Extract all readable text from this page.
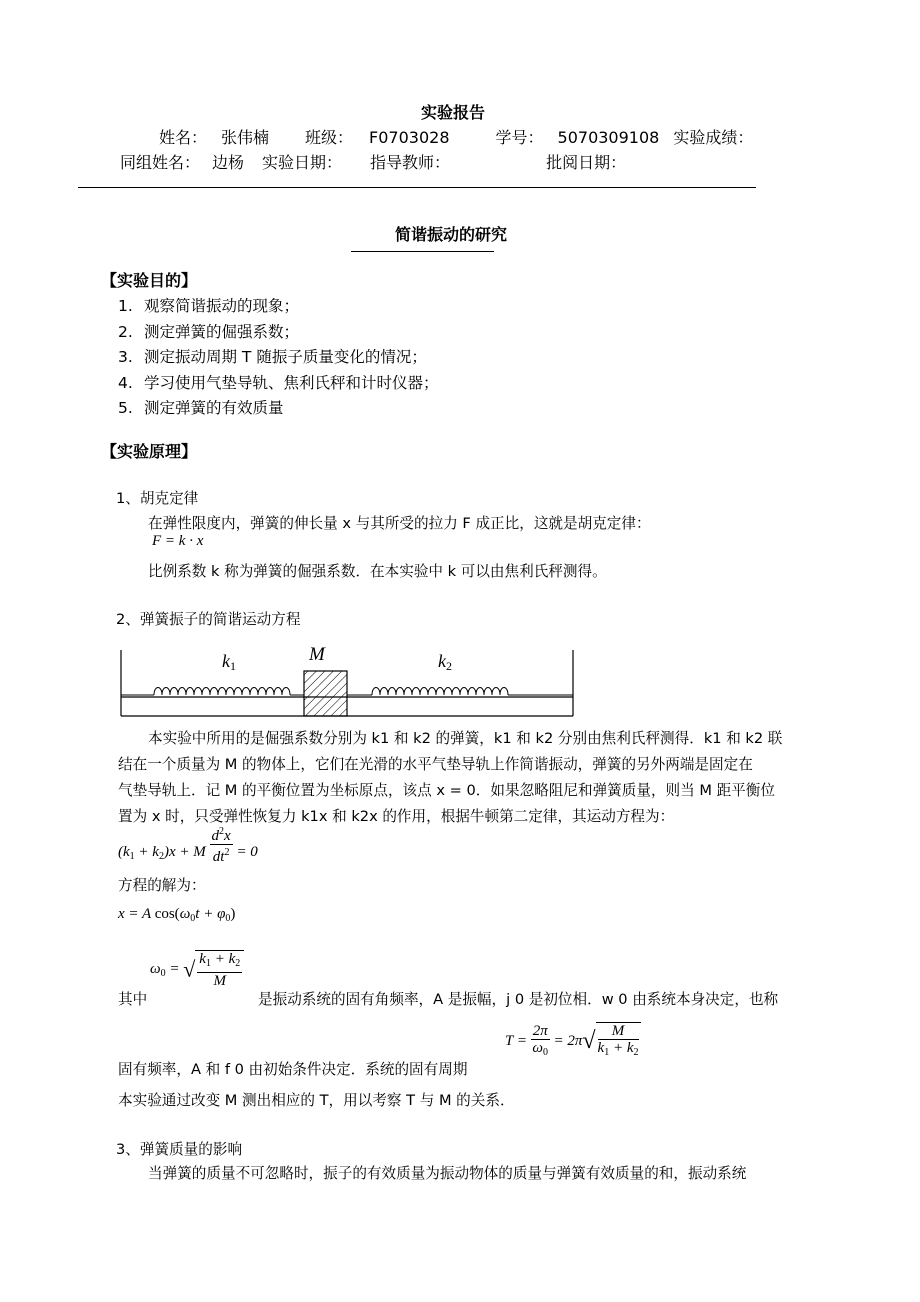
实验报告
姓名： 张伟楠 班级： F0703028	学号： 5070309108 实验成绩：
同组姓名： 边杨 实验日期： 指导教师：	批阅日期：
简谐振动的研究
【实验目的】
1. 观察简谐振动的现象；
2. 测定弹簧的倔强系数；
3. 测定振动周期 T 随振子质量变化的情况；
4. 学习使用气垫导轨、焦利氏秤和计时仪器；
5. 测定弹簧的有效质量
【实验原理】
1、胡克定律
在弹性限度内，弹簧的伸长量 x 与其所受的拉力 F 成正比，这就是胡克定律：
F = k · x
比例系数 k 称为弹簧的倔强系数．在本实验中 k 可以由焦利氏秤测得。
2、弹簧振子的简谐运动方程
k1
M	k2
本实验中所用的是倔强系数分别为 k1 和 k2 的弹簧，k1 和 k2 分别由焦利氏秤测得．k1 和 k2 联
结在一个质量为 M 的物体上，它们在光滑的水平气垫导轨上作简谐振动，弹簧的另外两端是固定在
气垫导轨上．记 M 的平衡位置为坐标原点，该点 x = 0．如果忽略阻尼和弹簧质量，则当 M 距平衡位
置为 x 时，只受弹性恢复力 k1x 和 k2x 的作用，根据牛顿第二定律，其运动方程为：
$(k_1 + k_2)x + M \frac{d^2x}{dt^2} = 0$
方程的解为：
x = A $\cos(\omega_0t + \varphi_0)$
$\omega_0$ = √ $\frac{k_1 + k_2}{M}$
其中	是振动系统的固有角频率，A 是振幅，j 0 是初位相．w 0 由系统本身决定，也称
$T = \frac{2\pi}{\omega_0} = 2\pi√ \frac{M}{k_1 + k_2}$
固有频率，A 和 f 0 由初始条件决定．系统的固有周期
本实验通过改变 M 测出相应的 T，用以考察 T 与 M 的关系．
3、弹簧质量的影响
当弹簧的质量不可忽略时，振子的有效质量为振动物体的质量与弹簧有效质量的和，振动系统
